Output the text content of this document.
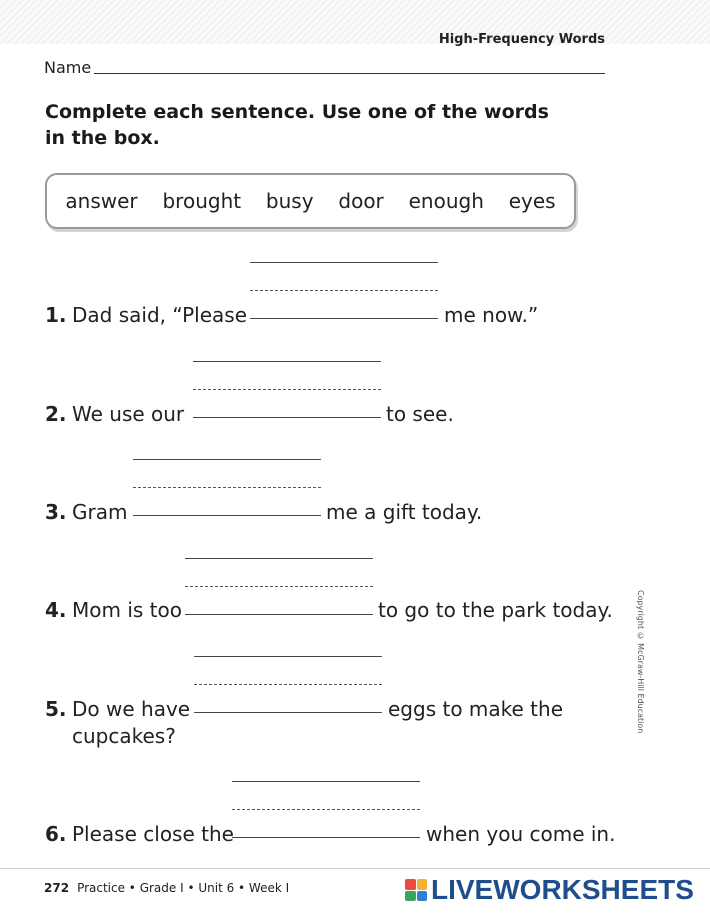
High-Frequency Words
Name
Complete each sentence. Use one of the words in the box.
answer brought busy door enough eyes
1. Dad said, “Please	me now.”
2. We use our	to see.
3. Gram	me a gift today.
4. Mom is too	to go to the park today.
5. Do we have	eggs to make the
cupcakes?
6. Please close the	when you come in.
Copyright © McGraw-Hill Education
272 Practice • Grade I • Unit 6 • Week I	LIVEWORKSHEETS
